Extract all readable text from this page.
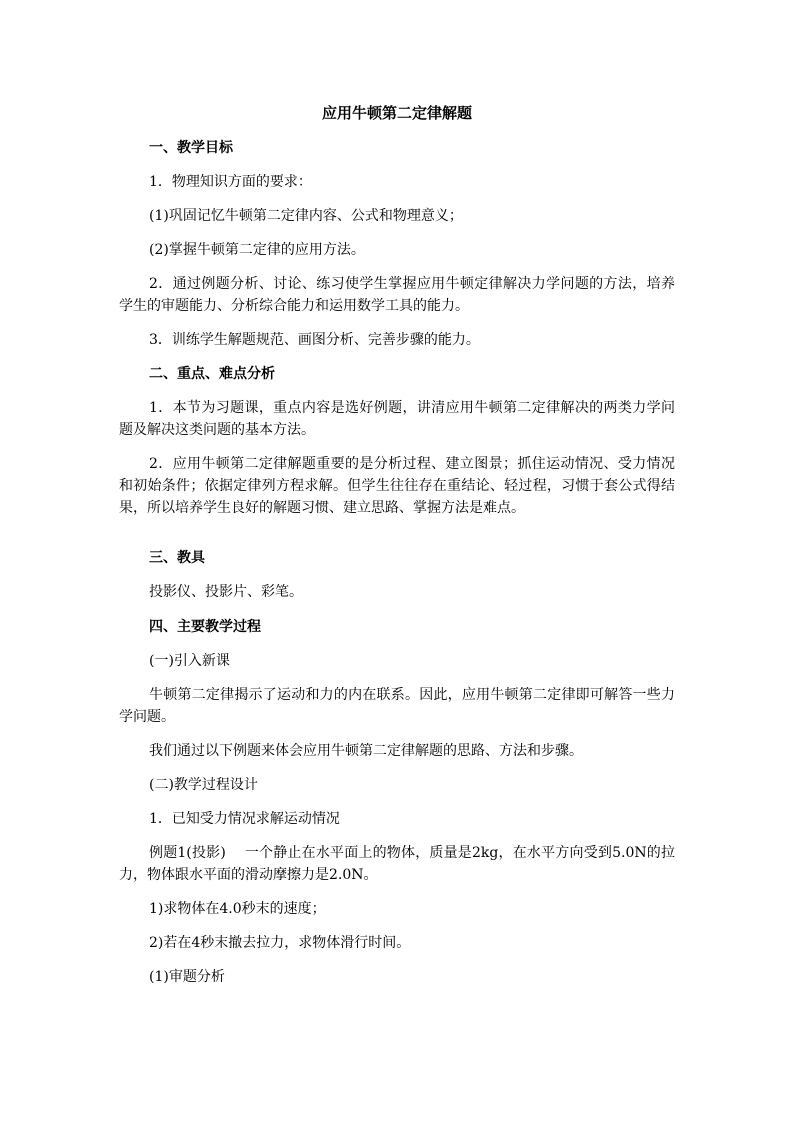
应用牛顿第二定律解题
一、教学目标
1．物理知识方面的要求：
(1)巩固记忆牛顿第二定律内容、公式和物理意义；
(2)掌握牛顿第二定律的应用方法。
2．通过例题分析、讨论、练习使学生掌握应用牛顿定律解决力学问题的方法，培养学生的审题能力、分析综合能力和运用数学工具的能力。
3．训练学生解题规范、画图分析、完善步骤的能力。
二、重点、难点分析
1．本节为习题课，重点内容是选好例题，讲清应用牛顿第二定律解决的两类力学问题及解决这类问题的基本方法。
2．应用牛顿第二定律解题重要的是分析过程、建立图景；抓住运动情况、受力情况和初始条件；依据定律列方程求解。但学生往往存在重结论、轻过程，习惯于套公式得结果，所以培养学生良好的解题习惯、建立思路、掌握方法是难点。
三、教具
投影仪、投影片、彩笔。
四、主要教学过程
(一)引入新课
牛顿第二定律揭示了运动和力的内在联系。因此，应用牛顿第二定律即可解答一些力学问题。
我们通过以下例题来体会应用牛顿第二定律解题的思路、方法和步骤。
(二)教学过程设计
1．已知受力情况求解运动情况
例题1(投影)　 一个静止在水平面上的物体，质量是2kg，在水平方向受到5.0N的拉力，物体跟水平面的滑动摩擦力是2.0N。
1)求物体在4.0秒末的速度；
2)若在4秒末撤去拉力，求物体滑行时间。
(1)审题分析
